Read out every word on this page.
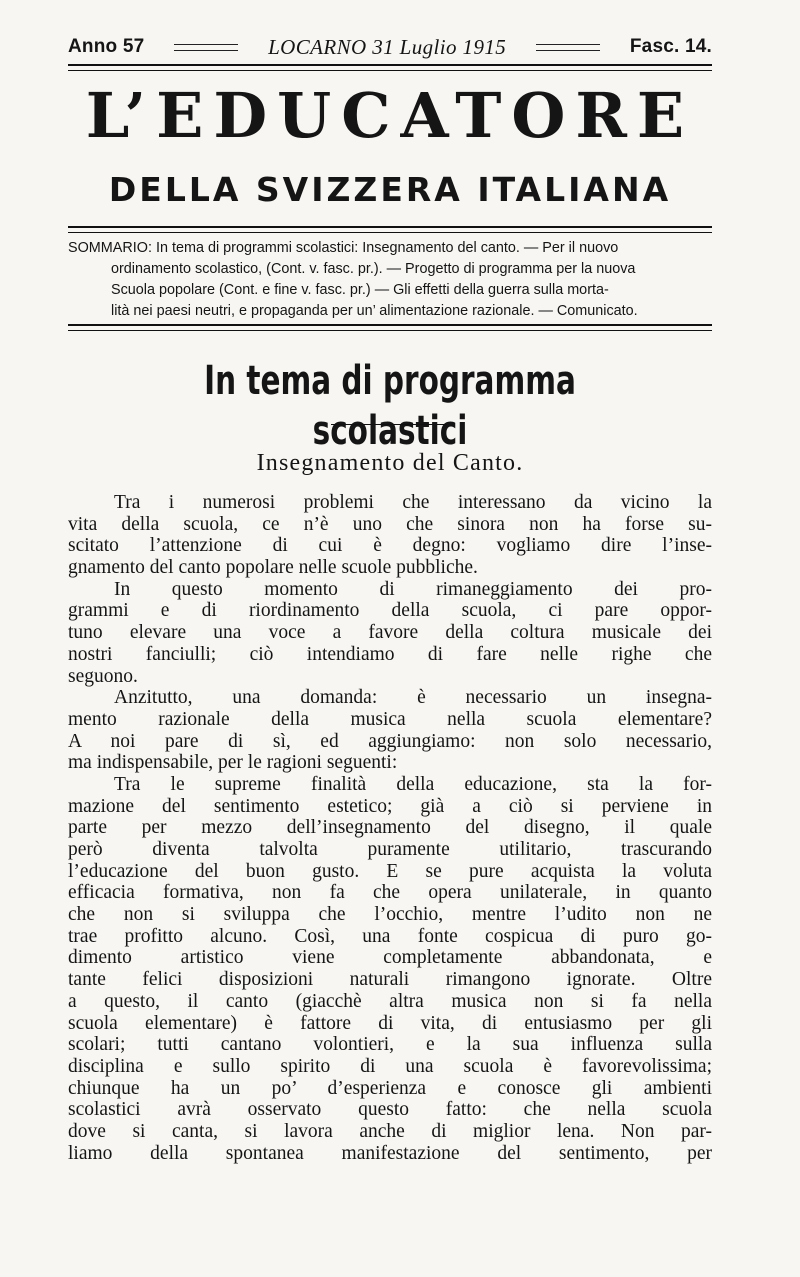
Anno 57	LOCARNO 31 Luglio 1915	Fasc. 14.
L’EDUCATORE
DELLA SVIZZERA ITALIANA
SOMMARIO: In tema di programmi scolastici: Insegnamento del canto. — Per il nuovo
ordinamento scolastico, (Cont. v. fasc. pr.). — Progetto di programma per la nuova
Scuola popolare (Cont. e fine v. fasc. pr.) — Gli effetti della guerra sulla morta-
lità nei paesi neutri, e propaganda per un’ alimentazione razionale. — Comunicato.
In tema di programma scolastici
Insegnamento del Canto.
Tra i numerosi problemi che interessano da vicino la
vita della scuola, ce n’è uno che sinora non ha forse su-
scitato l’attenzione di cui è degno: vogliamo dire l’inse-
gnamento del canto popolare nelle scuole pubbliche.
In questo momento di rimaneggiamento dei pro-
grammi e di riordinamento della scuola, ci pare oppor-
tuno elevare una voce a favore della coltura musicale dei
nostri fanciulli; ciò intendiamo di fare nelle righe che
seguono.
Anzitutto, una domanda: è necessario un insegna-
mento razionale della musica nella scuola elementare?
A noi pare di sì, ed aggiungiamo: non solo necessario,
ma indispensabile, per le ragioni seguenti:
Tra le supreme finalità della educazione, sta la for-
mazione del sentimento estetico; già a ciò si perviene in
parte per mezzo dell’insegnamento del disegno, il quale
però diventa talvolta puramente utilitario, trascurando
l’educazione del buon gusto. E se pure acquista la voluta
efficacia formativa, non fa che opera unilaterale, in quanto
che non si sviluppa che l’occhio, mentre l’udito non ne
trae profitto alcuno. Così, una fonte cospicua di puro go-
dimento artistico viene completamente abbandonata, e
tante felici disposizioni naturali rimangono ignorate. Oltre
a questo, il canto (giacchè altra musica non si fa nella
scuola elementare) è fattore di vita, di entusiasmo per gli
scolari; tutti cantano volontieri, e la sua influenza sulla
disciplina e sullo spirito di una scuola è favorevolissima;
chiunque ha un po’ d’esperienza e conosce gli ambienti
scolastici avrà osservato questo fatto: che nella scuola
dove si canta, si lavora anche di miglior lena. Non par-
liamo della spontanea manifestazione del sentimento, per
